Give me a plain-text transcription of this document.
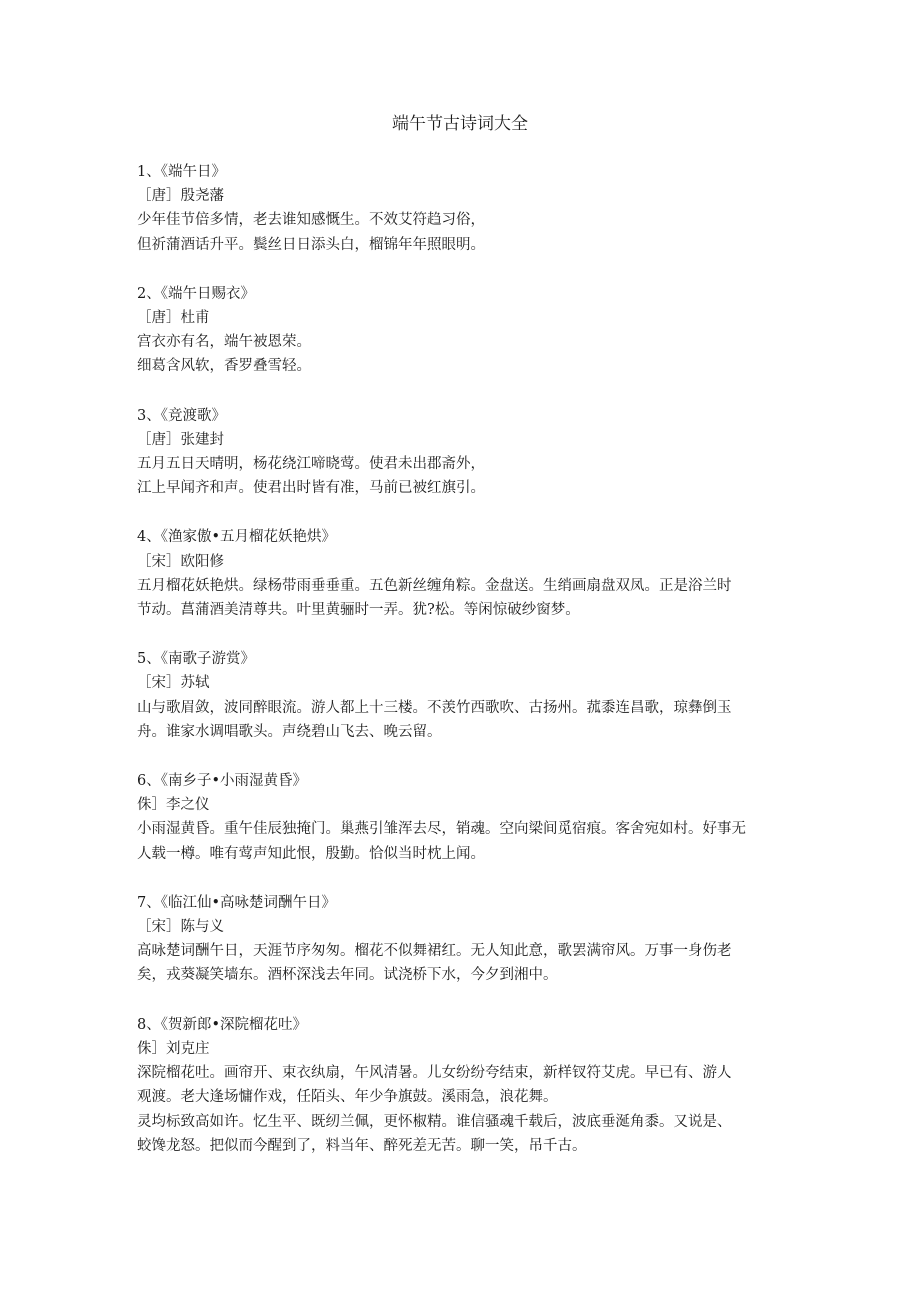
端午节古诗词大全
1、《端午日》
［唐］殷尧藩
少年佳节倍多情，老去谁知感慨生。不效艾符趋习俗，
但祈蒲酒话升平。鬓丝日日添头白，榴锦年年照眼明。
2、《端午日赐衣》
［唐］杜甫
宫衣亦有名，端午被恩荣。
细葛含风软，香罗叠雪轻。
3、《竞渡歌》
［唐］张建封
五月五日天晴明，杨花绕江啼晓莺。使君未出郡斋外，
江上早闻齐和声。使君出时皆有准，马前已被红旗引。
4、《渔家傲•五月榴花妖艳烘》
［宋］欧阳修
五月榴花妖艳烘。绿杨带雨垂垂重。五色新丝缠角粽。金盘送。生绡画扇盘双凤。正是浴兰时
节动。菖蒲酒美清尊共。叶里黄骊时一弄。犹?松。等闲惊破纱窗梦。
5、《南歌子游赏》
［宋］苏轼
山与歌眉敛，波同醉眼流。游人都上十三楼。不羡竹西歌吹、古扬州。菰黍连昌歌，琼彝倒玉
舟。谁家水调唱歌头。声绕碧山飞去、晚云留。
6、《南乡子•小雨湿黄昏》
侏］李之仪
小雨湿黄昏。重午佳辰独掩门。巢燕引雏浑去尽，销魂。空向梁间觅宿痕。客舍宛如村。好事无
人载一樽。唯有莺声知此恨，殷勤。恰似当时枕上闻。
7、《临江仙•高咏楚词酬午日》
［宋］陈与义
高咏楚词酬午日，天涯节序匆匆。榴花不似舞裙红。无人知此意，歌罢满帘风。万事一身伤老
矣，戎葵凝笑墙东。酒杯深浅去年同。试浇桥下水，今夕到湘中。
8、《贺新郎•深院榴花吐》
侏］刘克庄
深院榴花吐。画帘开、束衣纨扇，午风清暑。儿女纷纷夸结束，新样钗符艾虎。早已有、游人
观渡。老大逢场慵作戏，任陌头、年少争旗鼓。溪雨急，浪花舞。
灵均标致高如许。忆生平、既纫兰佩，更怀椒精。谁信骚魂千载后，波底垂涎角黍。又说是、
蛟馋龙怒。把似而今醒到了，料当年、醉死差无苦。聊一笑，吊千古。
